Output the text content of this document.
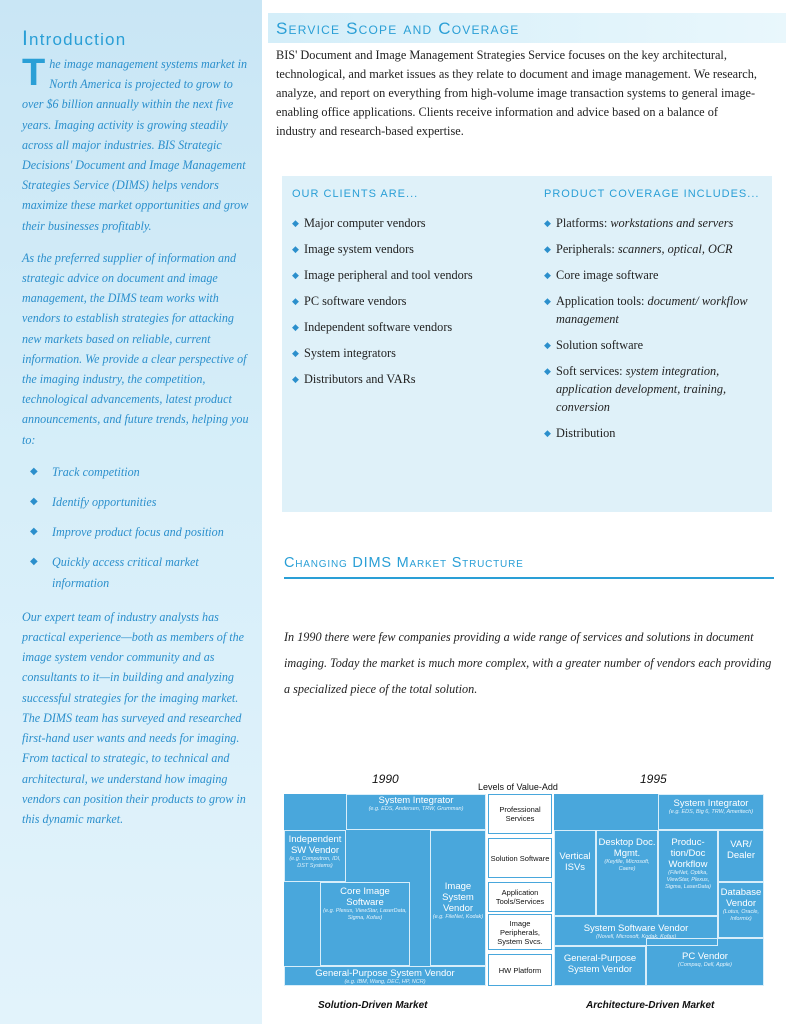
Introduction

The image management systems market in North America is projected to grow to over $6 billion annually within the next five years. Imaging activity is growing steadily across all major industries. BIS Strategic Decisions' Document and Image Management Strategies Service (DIMS) helps vendors maximize these market opportunities and grow their businesses profitably.

As the preferred supplier of information and strategic advice on document and image management, the DIMS team works with vendors to establish strategies for attacking new markets based on reliable, current information. We provide a clear perspective of the imaging industry, the competition, technological advancements, latest product announcements, and future trends, helping you to:

◆ Track competition
◆ Identify opportunities
◆ Improve product focus and position
◆ Quickly access critical market information

Our expert team of industry analysts has practical experience—both as members of the image system vendor community and as consultants to it—in building and analyzing successful strategies for the imaging market. The DIMS team has surveyed and researched first-hand user wants and needs for imaging. From tactical to strategic, to technical and architectural, we understand how imaging vendors can position their products to grow in this dynamic market.

Service Scope and Coverage

BIS' Document and Image Management Strategies Service focuses on the key architectural, technological, and market issues as they relate to document and image management. We research, analyze, and report on everything from high-volume image transaction systems to general image-enabling office applications. Clients receive information and advice based on a balance of industry and research-based expertise.

OUR CLIENTS ARE...
◆ Major computer vendors
◆ Image system vendors
◆ Image peripheral and tool vendors
◆ PC software vendors
◆ Independent software vendors
◆ System integrators
◆ Distributors and VARs
PRODUCT COVERAGE INCLUDES...
◆ Platforms: workstations and servers
◆ Peripherals: scanners, optical, OCR
◆ Core image software
◆ Application tools: document/ workflow management
◆ Solution software
◆ Soft services: system integration, application development, training, conversion
◆ Distribution
Changing DIMS Market Structure

In 1990 there were few companies providing a wide range of services and solutions in document imaging. Today the market is much more complex, with a greater number of vendors each providing a specialized piece of the total solution.

1990	1995
Levels of Value-Add
System Integrator
(e.g. EDS, Andersen, TRW, Grumman)
Independent SW Vendor
(e.g. Computron, IDI, DST Systems)
Core Image Software
(e.g. Plexus, ViewStar, LaserData, Sigma, Kofax)
Image System Vendor
(e.g. FileNet, Kodak)
General-Purpose System Vendor
(e.g. IBM, Wang, DEC, HP, NCR)
Professional Services
Solution Software
Application Tools/Services
Image Peripherals, System Svcs.
HW Platform
System Integrator
(e.g. EDS, Big 6, TRW, Ameritech)
Vertical ISVs
Desktop Doc. Mgmt.
(Keyfile, Microsoft, Caere)
Produc-tion/Doc Workflow
(FileNet, Optika, ViewStar, Plexus, Sigma, LaserData)
VAR/ Dealer
Database Vendor
(Lotus, Oracle, Informix)
System Software Vendor
(Novell, Microsoft, Kodak, Kofax)
General-Purpose System Vendor
PC Vendor
(Compaq, Dell, Apple)
Solution-Driven Market	Architecture-Driven Market
